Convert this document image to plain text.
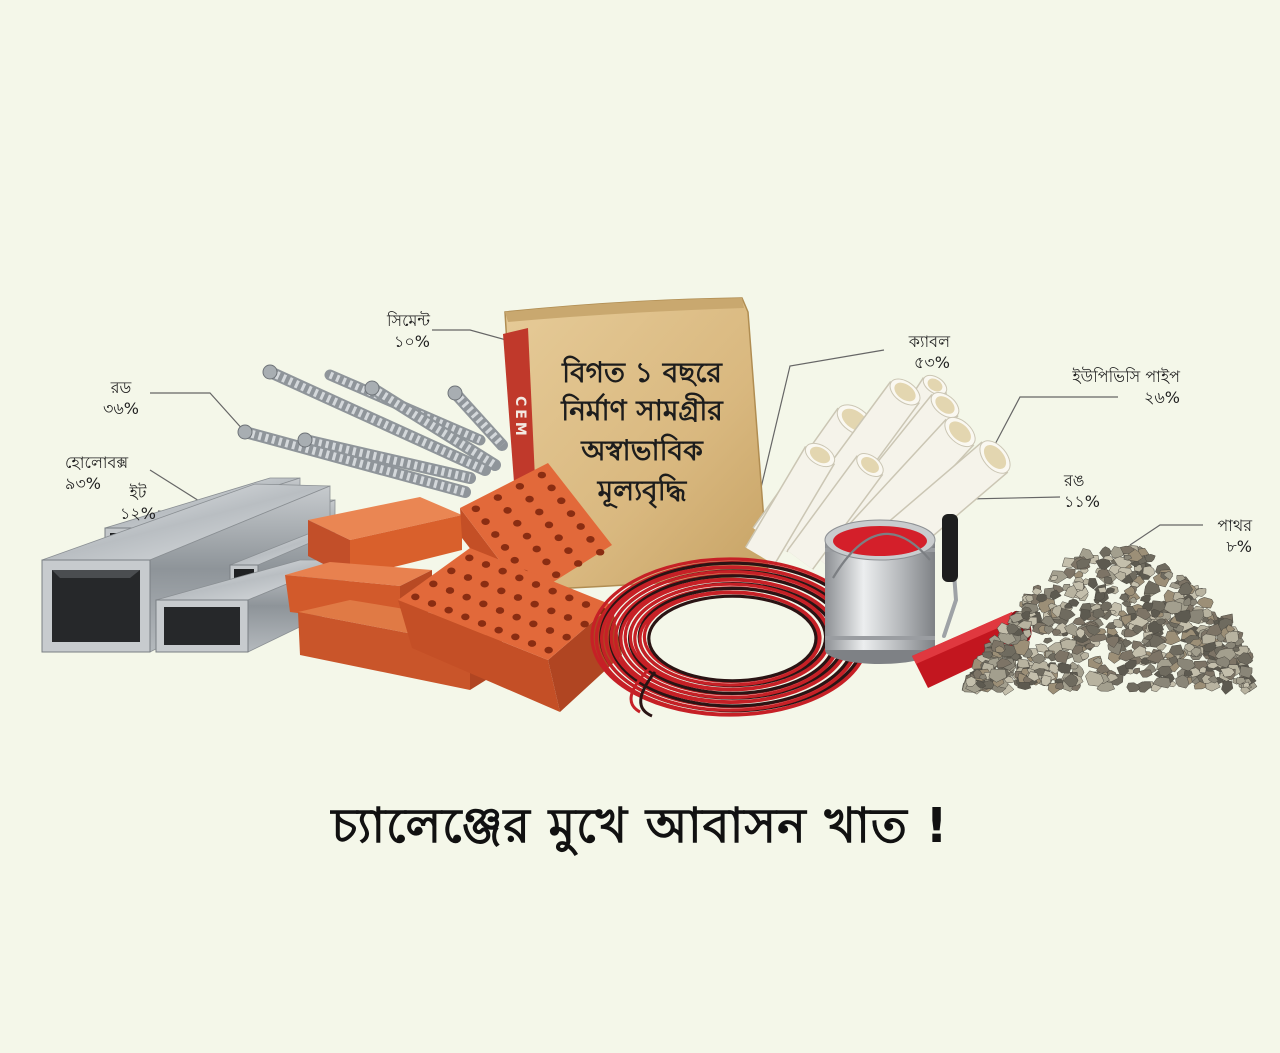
CEM
বিগত ১ বছরে
নির্মাণ সামগ্রীর
অস্বাভাবিক
মূল্যবৃদ্ধি
সিমেন্ট
১০%
রড
৩৬%
হোলোবক্স
৯৩%	ইট
১২%
ক্যাবল
৫৩%
ইউপিভিসি পাইপ
২৬%
রঙ
১১%
পাথর
৮%
চ্যালেঞ্জের মুখে আবাসন খাত !
